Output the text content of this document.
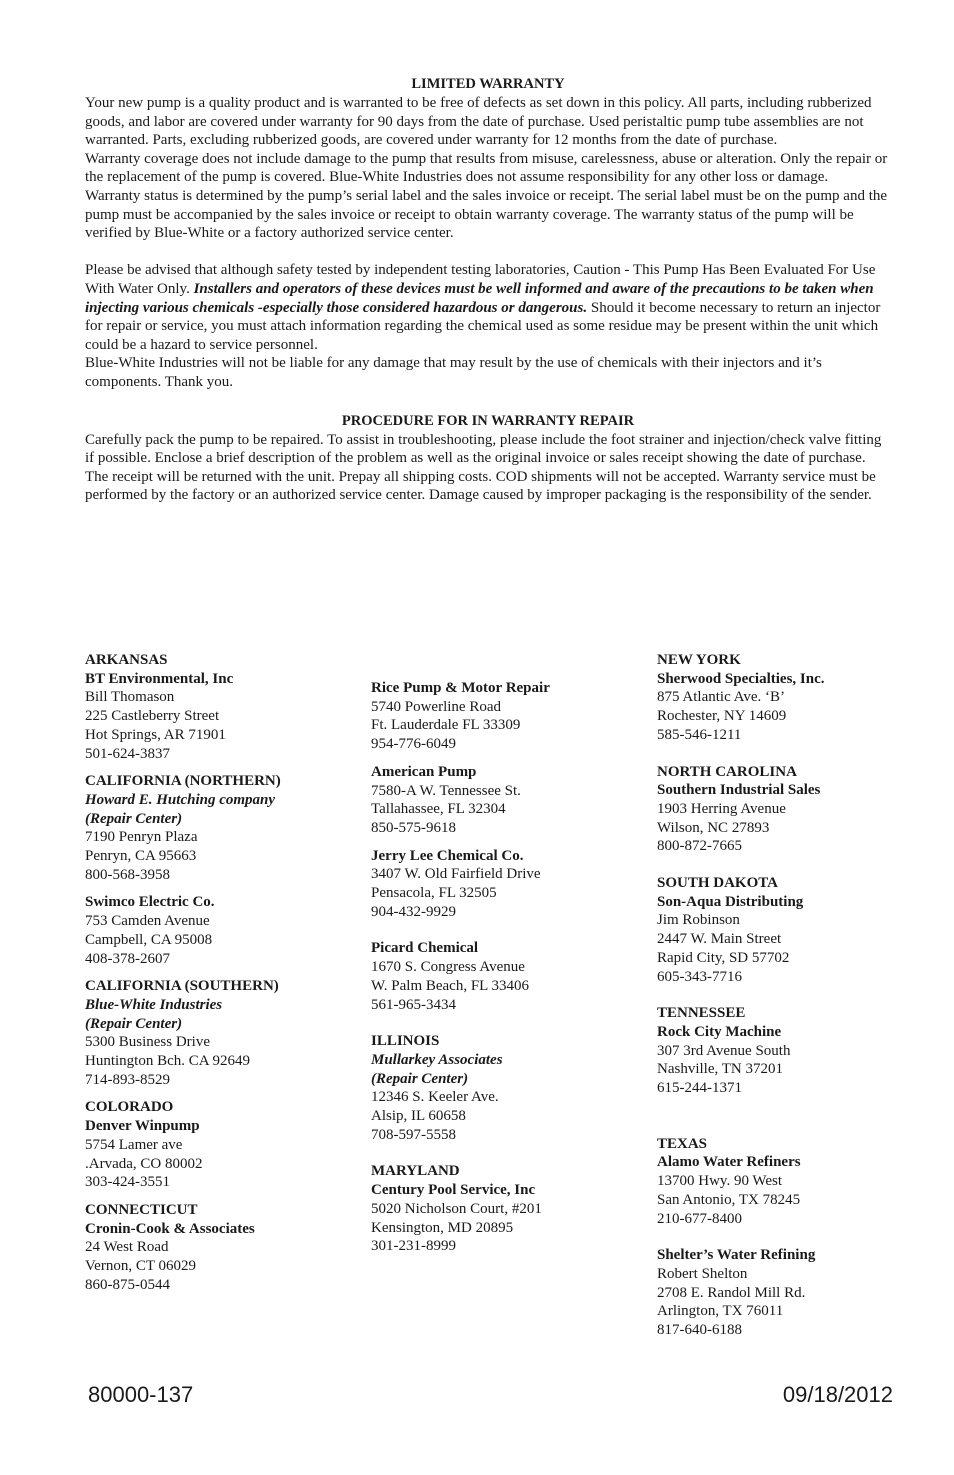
LIMITED WARRANTY

Your new pump is a quality product and is warranted to be free of defects as set down in this policy. All parts, including rubberized goods, and labor are covered under warranty for 90 days from the date of purchase. Used peristaltic pump tube assemblies are not warranted. Parts, excluding rubberized goods, are covered under warranty for 12 months from the date of purchase.

Warranty coverage does not include damage to the pump that results from misuse, carelessness, abuse or alteration. Only the repair or the replacement of the pump is covered. Blue-White Industries does not assume responsibility for any other loss or damage.

Warranty status is determined by the pump’s serial label and the sales invoice or receipt. The serial label must be on the pump and the pump must be accompanied by the sales invoice or receipt to obtain warranty coverage. The warranty status of the pump will be verified by Blue-White or a factory authorized service center.

Please be advised that although safety tested by independent testing laboratories, Caution - This Pump Has Been Evaluated For Use With Water Only. Installers and operators of these devices must be well informed and aware of the precautions to be taken when injecting various chemicals -especially those considered hazardous or dangerous. Should it become necessary to return an injector for repair or service, you must attach information regarding the chemical used as some residue may be present within the unit which could be a hazard to service personnel.

Blue-White Industries will not be liable for any damage that may result by the use of chemicals with their injectors and it’s components. Thank you.

PROCEDURE FOR IN WARRANTY REPAIR

Carefully pack the pump to be repaired. To assist in troubleshooting, please include the foot strainer and injection/check valve fitting if possible. Enclose a brief description of the problem as well as the original invoice or sales receipt showing the date of purchase. The receipt will be returned with the unit. Prepay all shipping costs. COD shipments will not be accepted. Warranty service must be performed by the factory or an authorized service center. Damage caused by improper packaging is the responsibility of the sender.

ARKANSAS
BT Environmental, Inc
Bill Thomason
225 Castleberry Street
Hot Springs, AR 71901
501-624-3837
CALIFORNIA (NORTHERN)
Howard E. Hutching company
(Repair Center)
7190 Penryn Plaza
Penryn, CA 95663
800-568-3958
Swimco Electric Co.
753 Camden Avenue
Campbell, CA 95008
408-378-2607
CALIFORNIA (SOUTHERN)
Blue-White Industries
(Repair Center)
5300 Business Drive
Huntington Bch. CA 92649
714-893-8529
COLORADO
Denver Winpump
5754 Lamer ave
.Arvada, CO 80002
303-424-3551
CONNECTICUT
Cronin-Cook & Associates
24 West Road
Vernon, CT 06029
860-875-0544
Rice Pump & Motor Repair
5740 Powerline Road
Ft. Lauderdale FL 33309
954-776-6049
American Pump
7580-A W. Tennessee St.
Tallahassee, FL 32304
850-575-9618
Jerry Lee Chemical Co.
3407 W. Old Fairfield Drive
Pensacola, FL 32505
904-432-9929
Picard Chemical
1670 S. Congress Avenue
W. Palm Beach, FL 33406
561-965-3434
ILLINOIS
Mullarkey Associates
(Repair Center)
12346 S. Keeler Ave.
Alsip, IL 60658
708-597-5558
MARYLAND
Century Pool Service, Inc
5020 Nicholson Court, #201
Kensington, MD 20895
301-231-8999
NEW YORK
Sherwood Specialties, Inc.
875 Atlantic Ave. ‘B’
Rochester, NY 14609
585-546-1211
NORTH CAROLINA
Southern Industrial Sales
1903 Herring Avenue
Wilson, NC 27893
800-872-7665
SOUTH DAKOTA
Son-Aqua Distributing
Jim Robinson
2447 W. Main Street
Rapid City, SD 57702
605-343-7716
TENNESSEE
Rock City Machine
307 3rd Avenue South
Nashville, TN 37201
615-244-1371
TEXAS
Alamo Water Refiners
13700 Hwy. 90 West
San Antonio, TX 78245
210-677-8400
Shelter’s Water Refining
Robert Shelton
2708 E. Randol Mill Rd.
Arlington, TX 76011
817-640-6188
80000-137	09/18/2012
